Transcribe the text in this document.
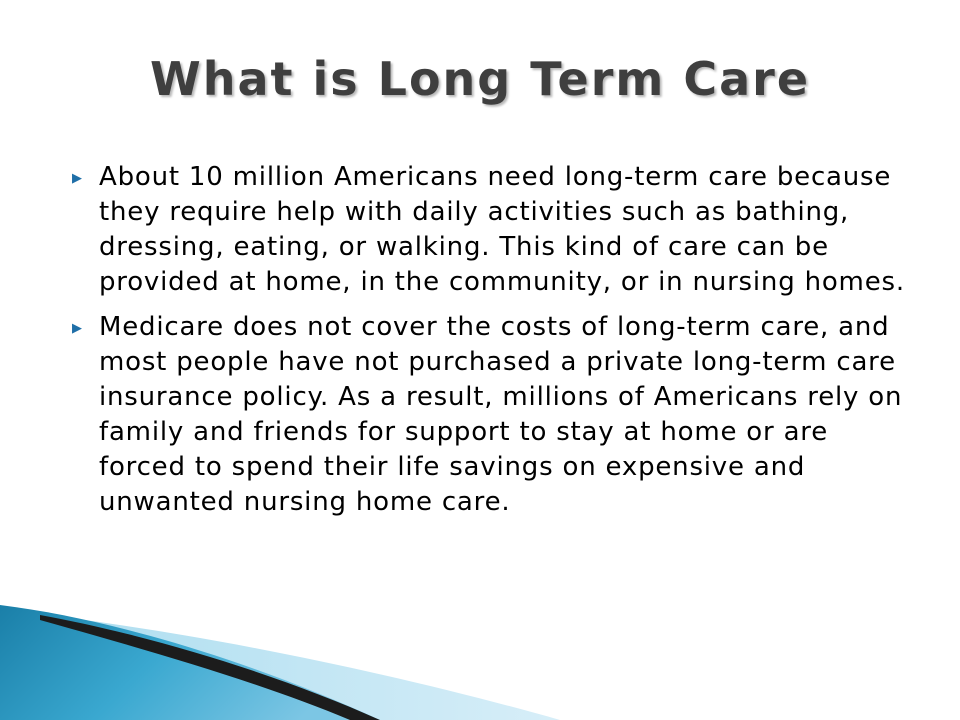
What is Long Term Care
▶ About 10 million Americans need long-term care because they require help with daily activities such as bathing, dressing, eating, or walking. This kind of care can be provided at home, in the community, or in nursing homes.
▶ Medicare does not cover the costs of long-term care, and most people have not purchased a private long-term care insurance policy. As a result, millions of Americans rely on family and friends for support to stay at home or are forced to spend their life savings on expensive and unwanted nursing home care.
